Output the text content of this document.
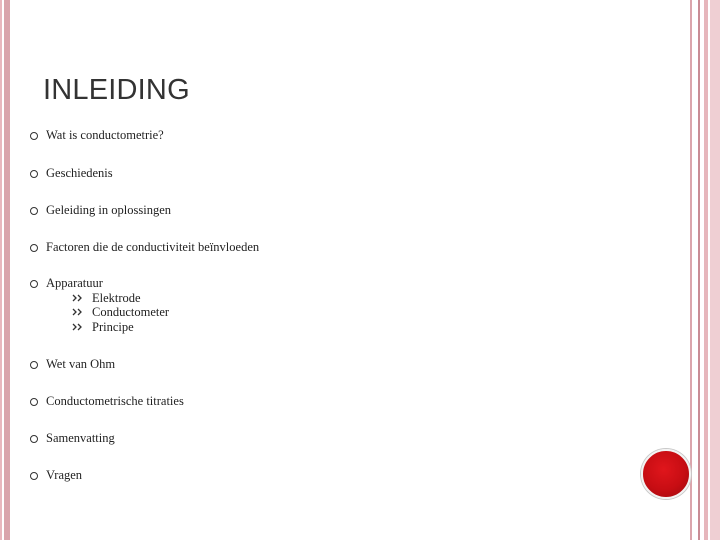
INLEIDING
Wat is conductometrie?
Geschiedenis
Geleiding in oplossingen
Factoren die de conductiviteit beïnvloeden
Apparatuur
Elektrode
Conductometer
Principe
Wet van Ohm
Conductometrische titraties
Samenvatting
Vragen
